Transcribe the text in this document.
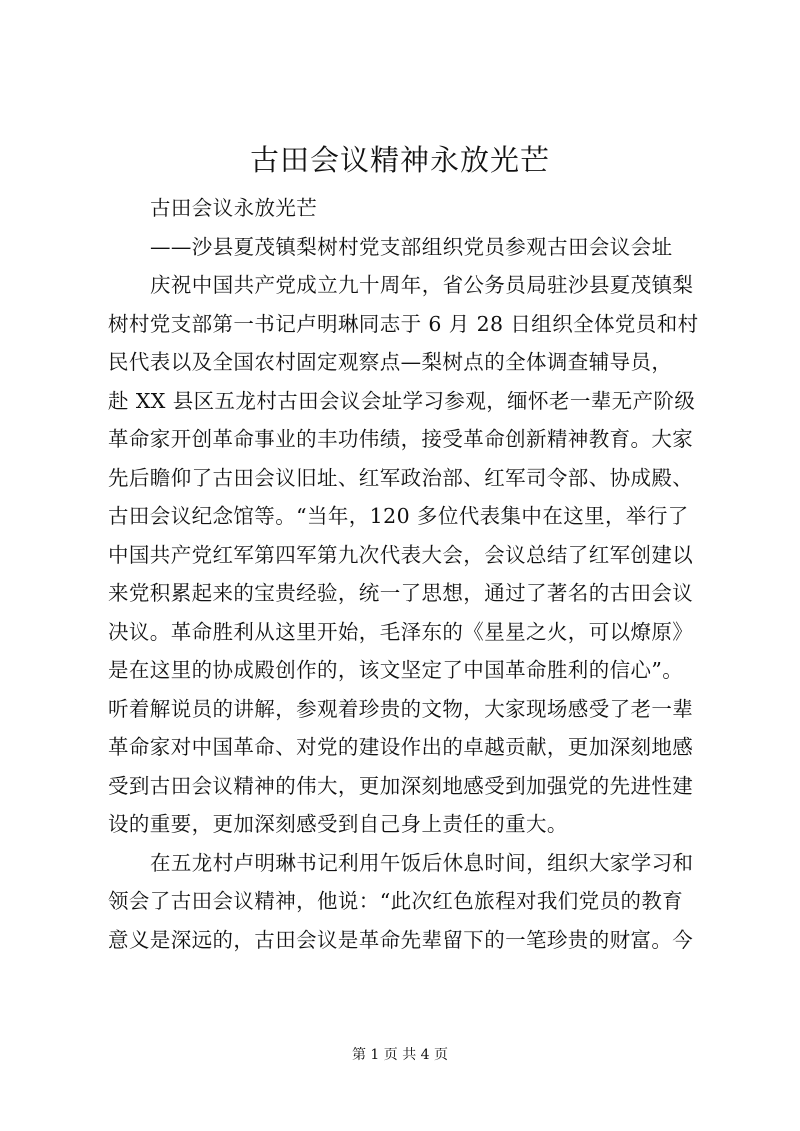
古田会议精神永放光芒
古田会议永放光芒
——沙县夏茂镇梨树村党支部组织党员参观古田会议会址
庆祝中国共产党成立九十周年，省公务员局驻沙县夏茂镇梨
树村党支部第一书记卢明琳同志于 6 月 28 日组织全体党员和村
民代表以及全国农村固定观察点—梨树点的全体调查辅导员，
赴 XX 县区五龙村古田会议会址学习参观，缅怀老一辈无产阶级
革命家开创革命事业的丰功伟绩，接受革命创新精神教育。大家
先后瞻仰了古田会议旧址、红军政治部、红军司令部、协成殿、
古田会议纪念馆等。“当年，120 多位代表集中在这里，举行了
中国共产党红军第四军第九次代表大会，会议总结了红军创建以
来党积累起来的宝贵经验，统一了思想，通过了著名的古田会议
决议。革命胜利从这里开始，毛泽东的《星星之火，可以燎原》
是在这里的协成殿创作的，该文坚定了中国革命胜利的信心”。
听着解说员的讲解，参观着珍贵的文物，大家现场感受了老一辈
革命家对中国革命、对党的建设作出的卓越贡献，更加深刻地感
受到古田会议精神的伟大，更加深刻地感受到加强党的先进性建
设的重要，更加深刻感受到自己身上责任的重大。
在五龙村卢明琳书记利用午饭后休息时间，组织大家学习和
领会了古田会议精神，他说：“此次红色旅程对我们党员的教育
意义是深远的，古田会议是革命先辈留下的一笔珍贵的财富。今
第 1 页 共 4 页
